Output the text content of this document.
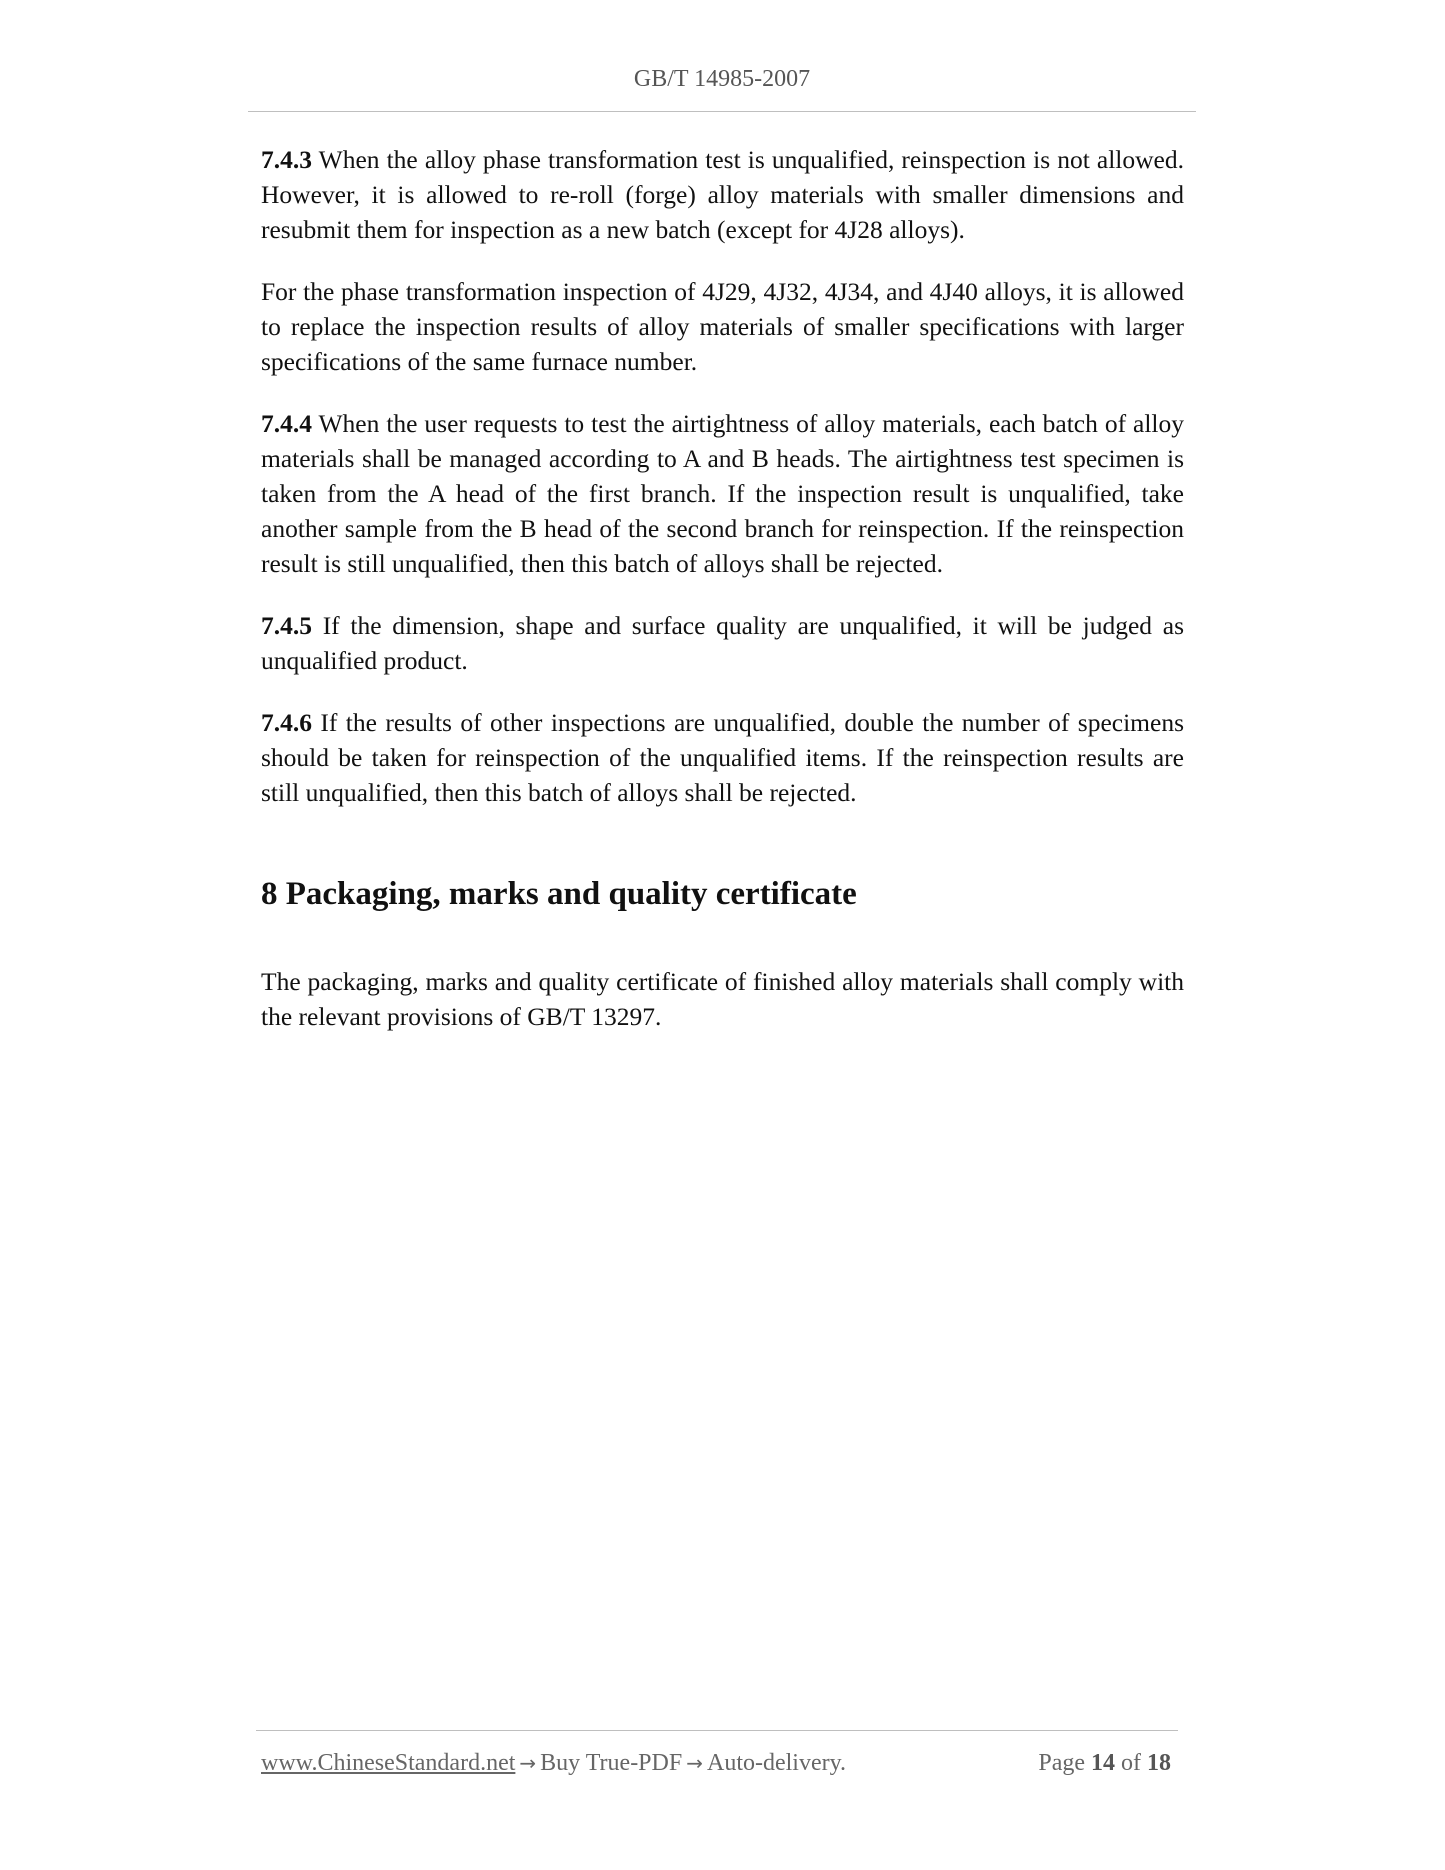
GB/T 14985-2007

7.4.3 When the alloy phase transformation test is unqualified, reinspection is not allowed. However, it is allowed to re-roll (forge) alloy materials with smaller dimensions and resubmit them for inspection as a new batch (except for 4J28 alloys).

For the phase transformation inspection of 4J29, 4J32, 4J34, and 4J40 alloys, it is allowed to replace the inspection results of alloy materials of smaller specifications with larger specifications of the same furnace number.

7.4.4 When the user requests to test the airtightness of alloy materials, each batch of alloy materials shall be managed according to A and B heads. The airtightness test specimen is taken from the A head of the first branch. If the inspection result is unqualified, take another sample from the B head of the second branch for reinspection. If the reinspection result is still unqualified, then this batch of alloys shall be rejected.

7.4.5 If the dimension, shape and surface quality are unqualified, it will be judged as unqualified product.

7.4.6 If the results of other inspections are unqualified, double the number of specimens should be taken for reinspection of the unqualified items. If the reinspection results are still unqualified, then this batch of alloys shall be rejected.

8 Packaging, marks and quality certificate

The packaging, marks and quality certificate of finished alloy materials shall comply with the relevant provisions of GB/T 13297.

www.ChineseStandard.net → Buy True-PDF → Auto-delivery.	Page 14 of 18
